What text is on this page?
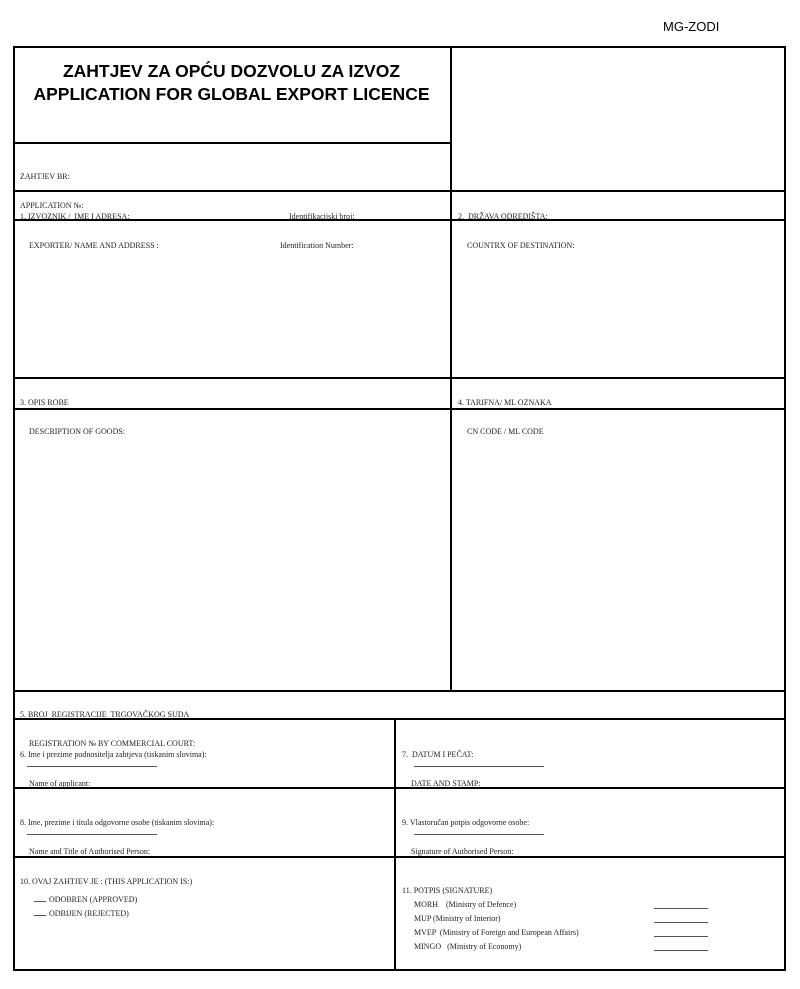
MG-ZODI
ZAHTJEV ZA OPĆU DOZVOLU ZA IZVOZ
APPLICATION FOR GLOBAL EXPORT LICENCE

ZAHTJEV BR:

APPLICATION №:

1. IZVOZNIK /  IME I ADRESA:

EXPORTER/ NAME AND ADDRESS :

Identifikacijski broj:

Identification Number:

2.  DRŽAVA ODREDIŠTA:

COUNTRX OF DESTINATION:

3. OPIS ROBE

DESCRIPTION OF GOODS:

4. TARIFNA/ ML OZNAKA

CN CODE / ML CODE

5. BROJ  REGISTRACIJE  TRGOVAČKOG SUDA

REGISTRATION № BY COMMERCIAL COURT:

6. Ime i prezime podnositelja zahtjeva (tiskanim slovima):

Name of applicant:

7.  DATUM I PEČAT:

DATE AND STAMP:

8. Ime, prezime i titula odgovorne osobe (tiskanim slovima):

Name and Title of Authorised Person:

9. Vlastoručan potpis odgovorne osobe:

Signature of Authorised Person:

10. OVAJ ZAHTJEV JE : (THIS APPLICATION IS:)
ODOBREN (APPROVED)
ODBIJEN (REJECTED)
11. POTPIS (SIGNATURE)
MORH    (Ministry of Defence)
MUP (Ministry of Interior)
MVEP  (Ministry of Foreign and European Affairs)
MINGO   (Ministry of Economy)
